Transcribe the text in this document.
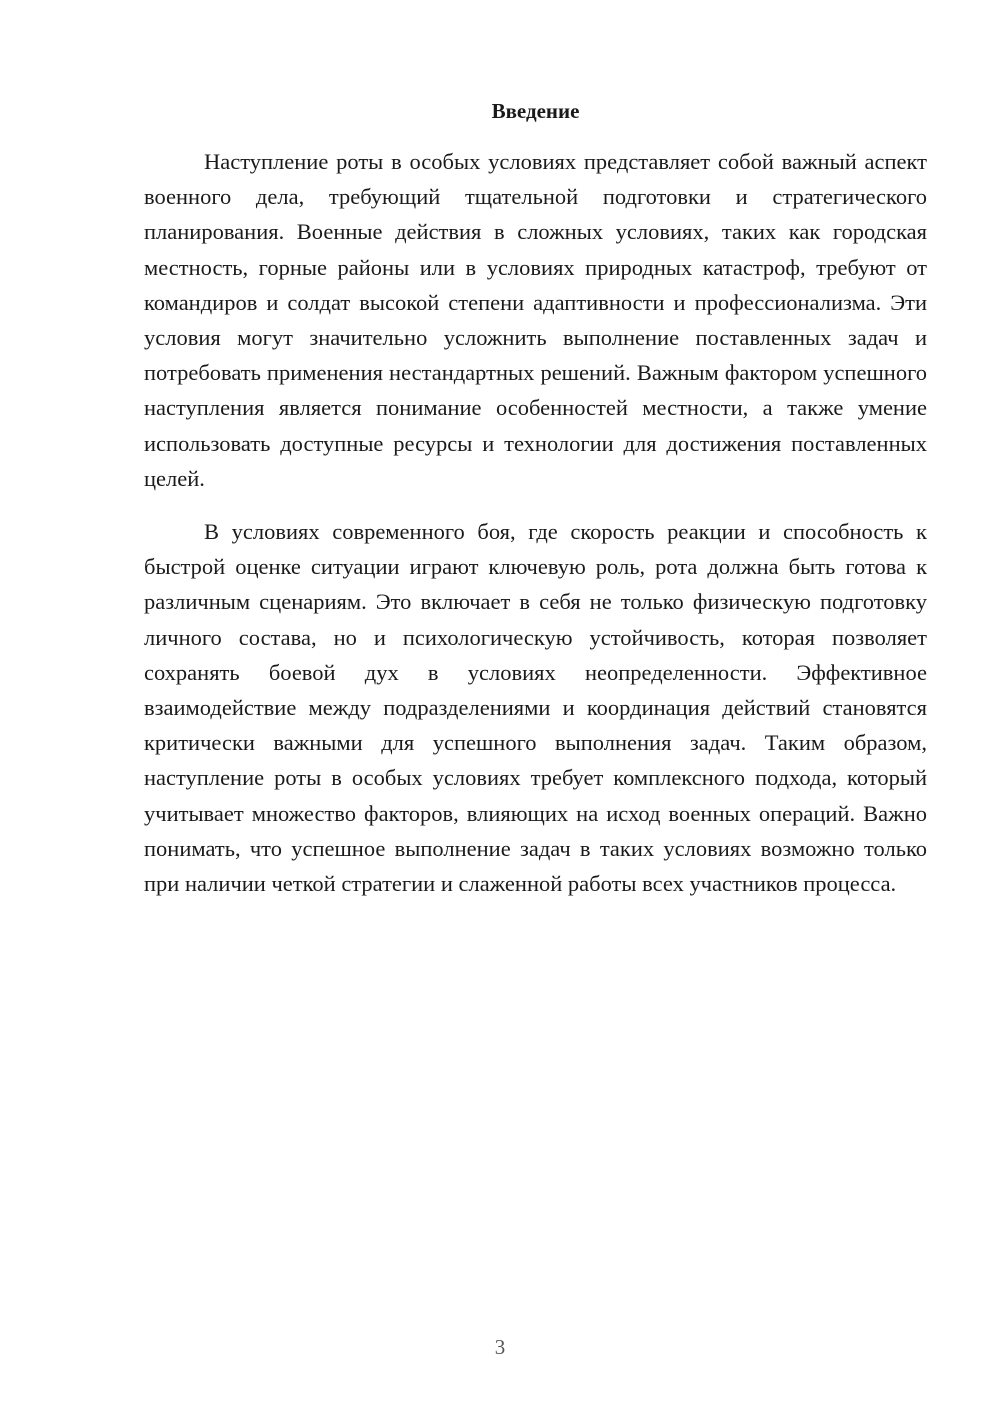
Введение

Наступление роты в особых условиях представляет собой важный аспект военного дела, требующий тщательной подготовки и стратегического планирования. Военные действия в сложных условиях, таких как городская местность, горные районы или в условиях природных катастроф, требуют от командиров и солдат высокой степени адаптивности и профессионализма. Эти условия могут значительно усложнить выполнение поставленных задач и потребовать применения нестандартных решений. Важным фактором успешного наступления является понимание особенностей местности, а также умение использовать доступные ресурсы и технологии для достижения поставленных целей.

В условиях современного боя, где скорость реакции и способность к быстрой оценке ситуации играют ключевую роль, рота должна быть готова к различным сценариям. Это включает в себя не только физическую подготовку личного состава, но и психологическую устойчивость, которая позволяет сохранять боевой дух в условиях неопределенности. Эффективное взаимодействие между подразделениями и координация действий становятся критически важными для успешного выполнения задач. Таким образом, наступление роты в особых условиях требует комплексного подхода, который учитывает множество факторов, влияющих на исход военных операций. Важно понимать, что успешное выполнение задач в таких условиях возможно только при наличии четкой стратегии и слаженной работы всех участников процесса.

3
